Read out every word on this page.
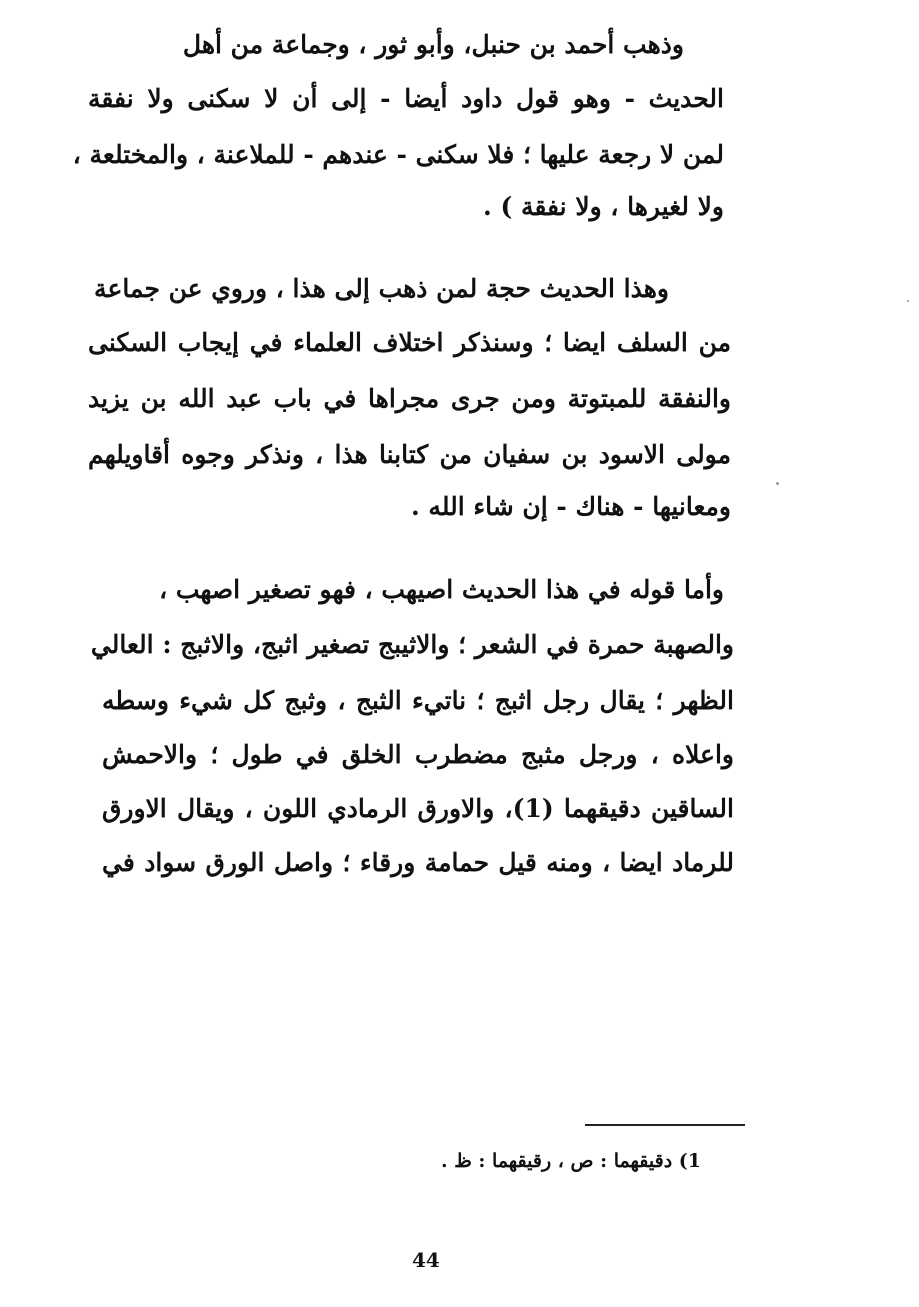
وذهب أحمد بن حنبل، وأبو ثور ، وجماعة من أهل
الحديث - وهو قول داود أيضا - إلى أن لا سكنى ولا نفقة
لمن لا رجعة عليها ؛ فلا سكنى - عندهم - للملاعنة ، والمختلعة ،
ولا لغيرها ، ولا نفقة ) .
وهذا الحديث حجة لمن ذهب إلى هذا ، وروي عن جماعة
من السلف ايضا ؛ وسنذكر اختلاف العلماء في إيجاب السكنى
والنفقة للمبتوتة ومن جرى مجراها في باب عبد الله بن يزيد
مولى الاسود بن سفيان من كتابنا هذا ، ونذكر وجوه أقاويلهم
ومعانيها - هناك - إن شاء الله .
وأما قوله في هذا الحديث اصيهب ، فهو تصغير اصهب ،
والصهبة حمرة في الشعر ؛ والاثيبج تصغير اثبج، والاثبج : العالي
الظهر ؛ يقال رجل اثبج ؛ ناتيء الثبج ، وثبج كل شيء وسطه
واعلاه ، ورجل مثبج مضطرب الخلق في طول ؛ والاحمش
الساقين دقيقهما (1)، والاورق الرمادي اللون ، ويقال الاورق
للرماد ايضا ، ومنه قيل حمامة ورقاء ؛ واصل الورق سواد في
1) دقيقهما : ص ، رقيقهما : ظ .
44
